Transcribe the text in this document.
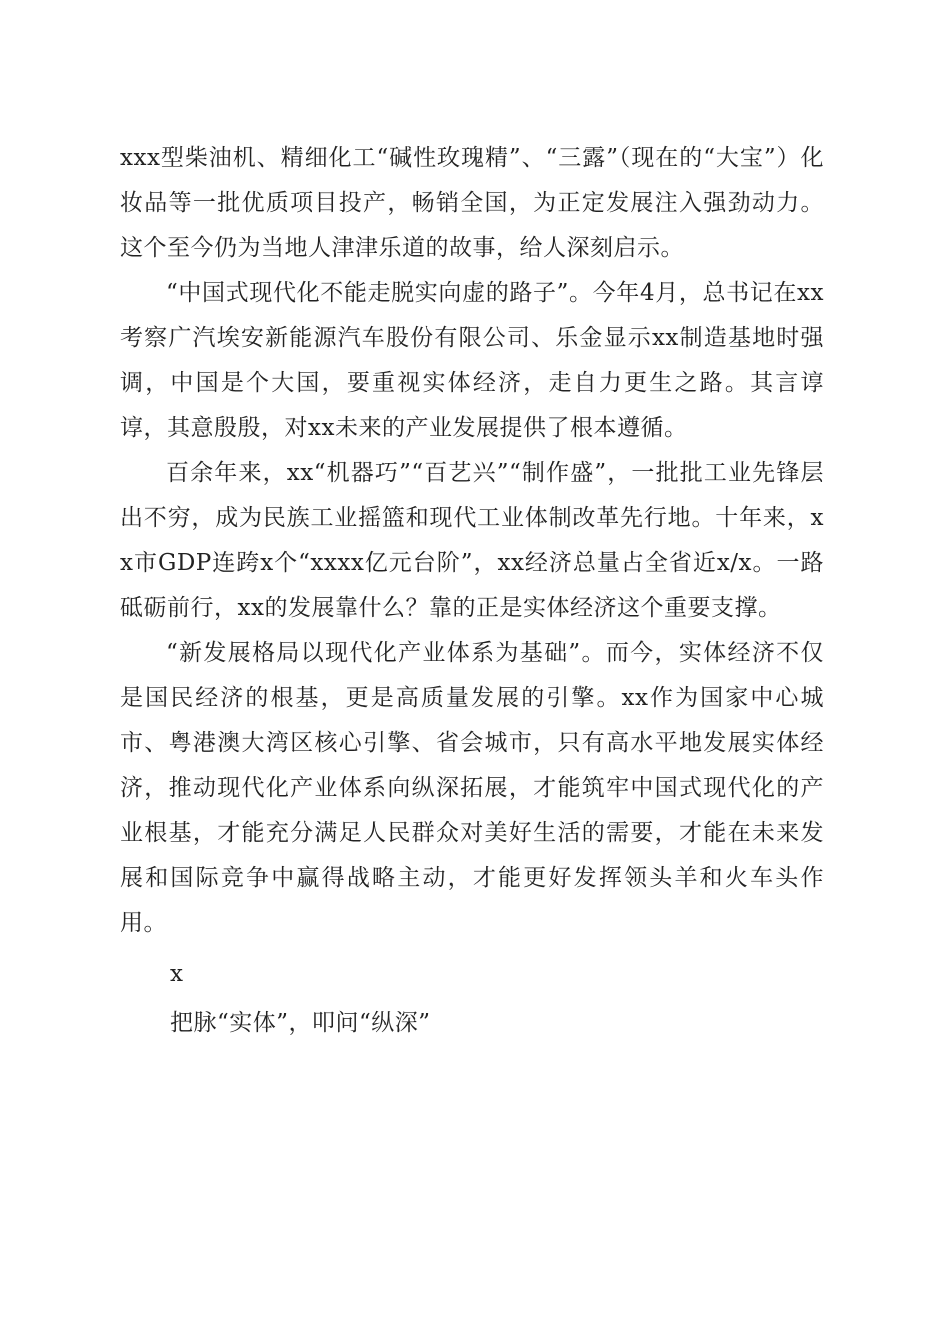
xxx型柴油机、精细化工“碱性玫瑰精”、“三露”（现在的“大宝”）化妆品等一批优质项目投产，畅销全国，为正定发展注入强劲动力。这个至今仍为当地人津津乐道的故事，给人深刻启示。

“中国式现代化不能走脱实向虚的路子”。今年4月，总书记在xx考察广汽埃安新能源汽车股份有限公司、乐金显示xx制造基地时强调，中国是个大国，要重视实体经济，走自力更生之路。其言谆谆，其意殷殷，对xx未来的产业发展提供了根本遵循。

百余年来，xx“机器巧”“百艺兴”“制作盛”，一批批工业先锋层出不穷，成为民族工业摇篮和现代工业体制改革先行地。十年来，xx市GDP连跨x个“xxxx亿元台阶”，xx经济总量占全省近x/x。一路砥砺前行，xx的发展靠什么？靠的正是实体经济这个重要支撑。

“新发展格局以现代化产业体系为基础”。而今，实体经济不仅是国民经济的根基，更是高质量发展的引擎。xx作为国家中心城市、粤港澳大湾区核心引擎、省会城市，只有高水平地发展实体经济，推动现代化产业体系向纵深拓展，才能筑牢中国式现代化的产业根基，才能充分满足人民群众对美好生活的需要，才能在未来发展和国际竞争中赢得战略主动，才能更好发挥领头羊和火车头作用。

x

把脉“实体”，叩问“纵深”
